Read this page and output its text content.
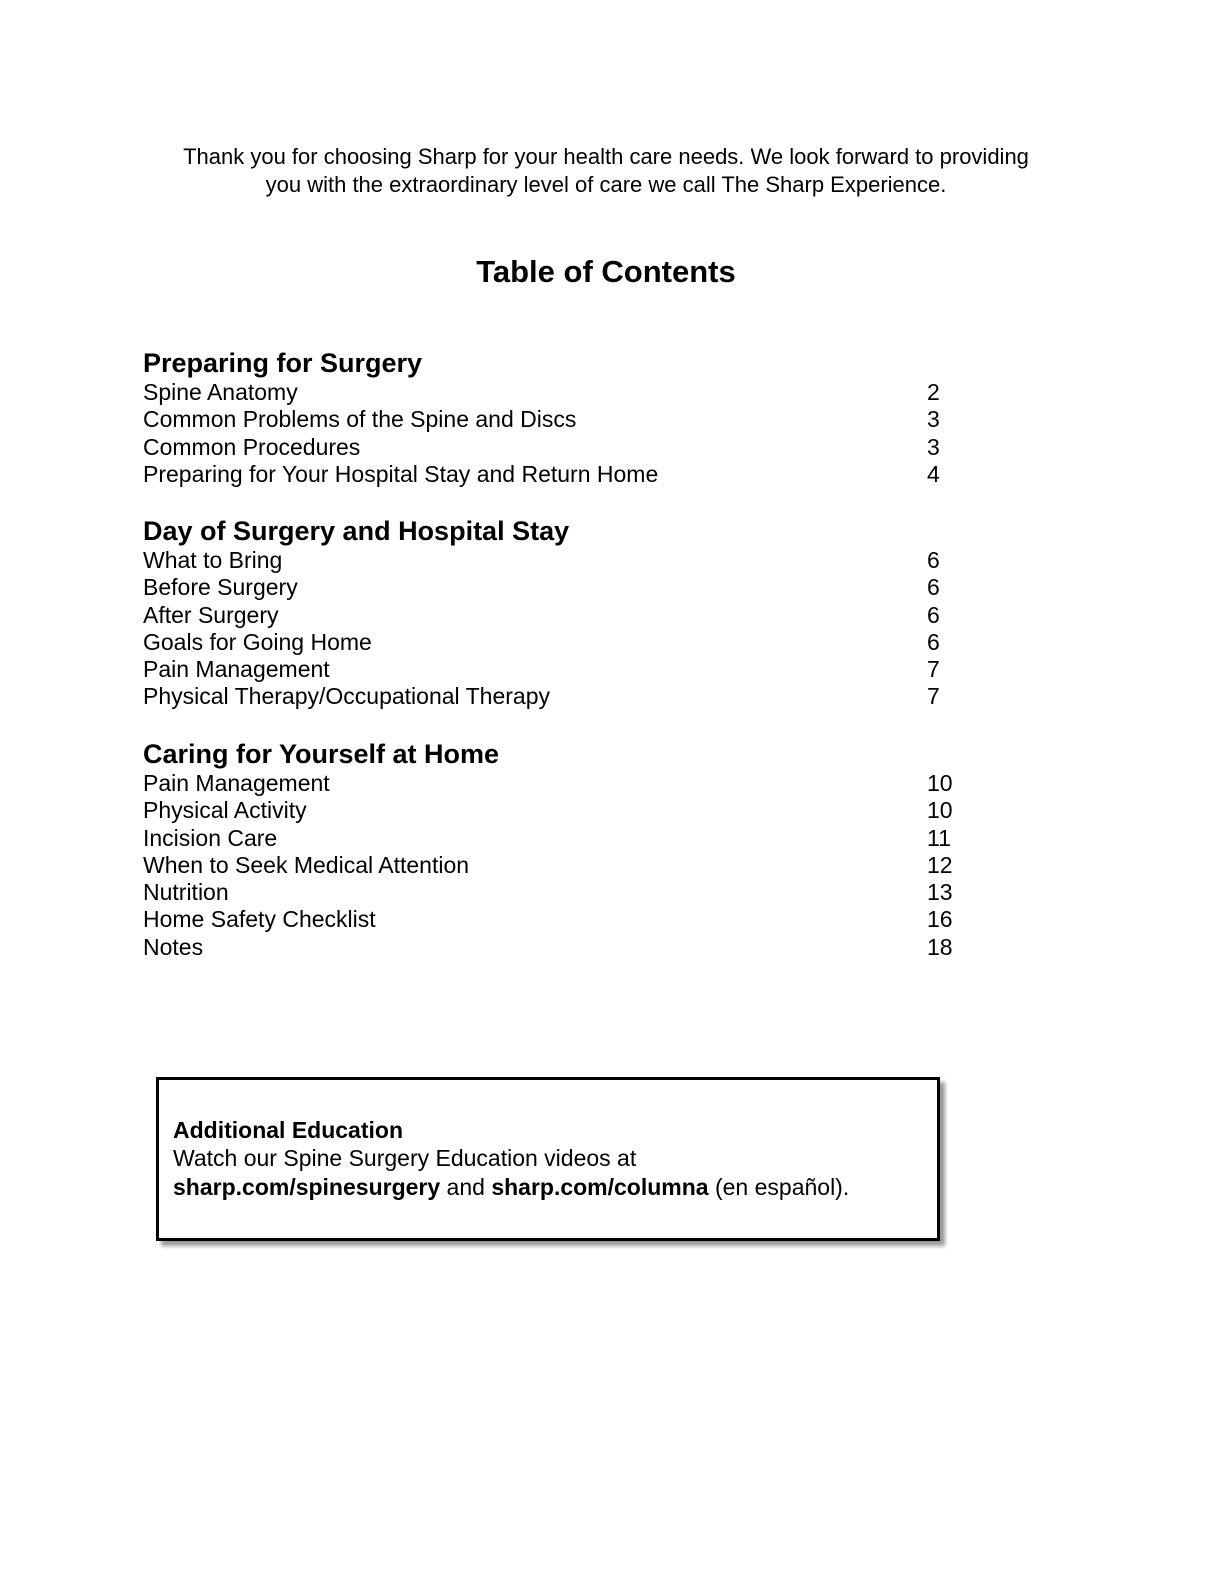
Thank you for choosing Sharp for your health care needs. We look forward to providing
you with the extraordinary level of care we call The Sharp Experience.
Table of Contents
Preparing for Surgery
Spine Anatomy	2
Common Problems of the Spine and Discs	3
Common Procedures	3
Preparing for Your Hospital Stay and Return Home	4
Day of Surgery and Hospital Stay
What to Bring	6
Before Surgery	6
After Surgery	6
Goals for Going Home	6
Pain Management	7
Physical Therapy/Occupational Therapy	7
Caring for Yourself at Home
Pain Management	10
Physical Activity	10
Incision Care	11
When to Seek Medical Attention	12
Nutrition	13
Home Safety Checklist	16
Notes	18
Additional Education
Watch our Spine Surgery Education videos at
sharp.com/spinesurgery and sharp.com/columna (en español).
